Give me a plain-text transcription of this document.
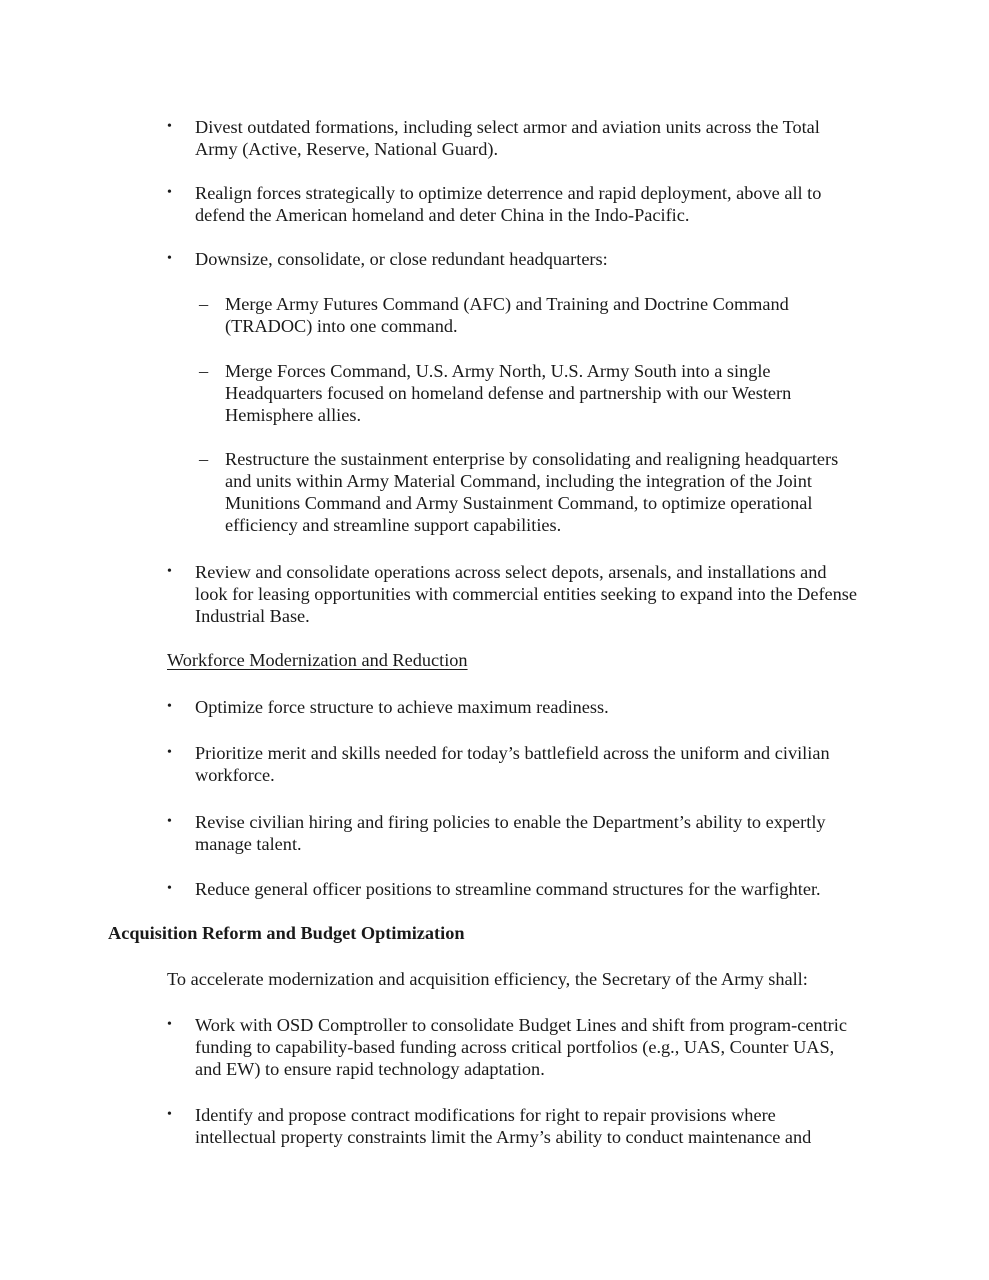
•	Divest outdated formations, including select armor and aviation units across the Total Army (Active, Reserve, National Guard).
•	Realign forces strategically to optimize deterrence and rapid deployment, above all to defend the American homeland and deter China in the Indo-Pacific.
•	Downsize, consolidate, or close redundant headquarters:
– Merge Army Futures Command (AFC) and Training and Doctrine Command (TRADOC) into one command.
– Merge Forces Command, U.S. Army North, U.S. Army South into a single Headquarters focused on homeland defense and partnership with our Western Hemisphere allies.
– Restructure the sustainment enterprise by consolidating and realigning headquarters and units within Army Material Command, including the integration of the Joint Munitions Command and Army Sustainment Command, to optimize operational efficiency and streamline support capabilities.
•	Review and consolidate operations across select depots, arsenals, and installations and look for leasing opportunities with commercial entities seeking to expand into the Defense Industrial Base.
Workforce Modernization and Reduction
•	Optimize force structure to achieve maximum readiness.
•	Prioritize merit and skills needed for today’s battlefield across the uniform and civilian workforce.
•	Revise civilian hiring and firing policies to enable the Department’s ability to expertly manage talent.
•	Reduce general officer positions to streamline command structures for the warfighter.
Acquisition Reform and Budget Optimization
To accelerate modernization and acquisition efficiency, the Secretary of the Army shall:
•	Work with OSD Comptroller to consolidate Budget Lines and shift from program-centric funding to capability-based funding across critical portfolios (e.g., UAS, Counter UAS, and EW) to ensure rapid technology adaptation.
•	Identify and propose contract modifications for right to repair provisions where intellectual property constraints limit the Army’s ability to conduct maintenance and
